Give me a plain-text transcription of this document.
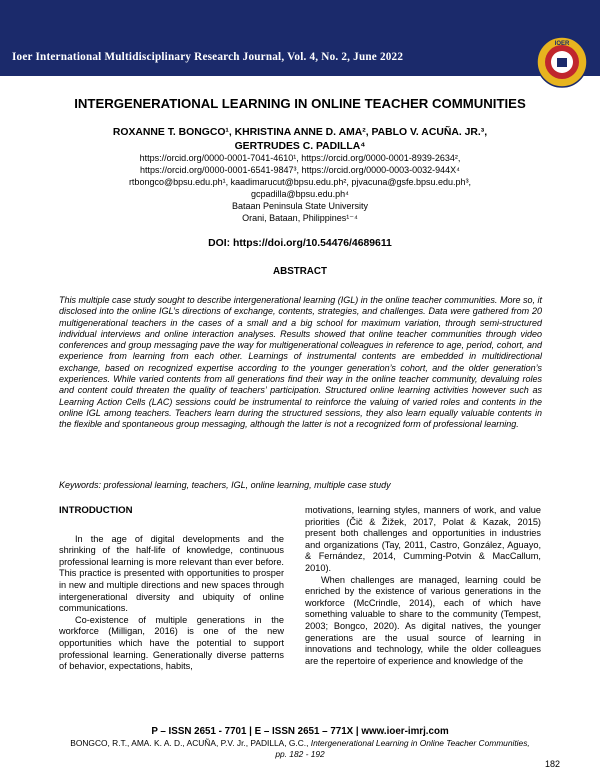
Ioer International Multidisciplinary Research Journal, Vol. 4, No. 2, June 2022
IOER
INTERGENERATIONAL LEARNING IN ONLINE TEACHER COMMUNITIES
ROXANNE T. BONGCO¹, KHRISTINA ANNE D. AMA², PABLO V. ACUÑA. JR.³,
GERTRUDES C. PADILLA⁴
https://orcid.org/0000-0001-7041-4610¹, https://orcid.org/0000-0001-8939-2634²,
https://orcid.org/0000-0001-6541-9847³, https://orcid.org/0000-0003-0032-944X⁴
rtbongco@bpsu.edu.ph¹, kaadimarucut@bpsu.edu.ph², pjvacuna@gsfe.bpsu.edu.ph³,
gcpadilla@bpsu.edu.ph⁴
Bataan Peninsula State University
Orani, Bataan, Philippines¹⁻⁴
DOI: https://doi.org/10.54476/4689611
ABSTRACT
This multiple case study sought to describe intergenerational learning (IGL) in the online teacher communities. More so, it disclosed into the online IGL’s directions of exchange, contents, strategies, and challenges. Data were gathered from 20 multigenerational teachers in the cases of a small and a big school for maximum variation, through semi-structured individual interviews and online interaction analyses. Results showed that online teacher communities through video conferences and group messaging pave the way for multigenerational colleagues in reference to age, period, cohort, and experience from learning from each other. Learnings of instrumental contents are embedded in multidirectional exchange, based on recognized expertise according to the younger generation’s cohort, and the older generation’s experiences. While varied contents from all generations find their way in the online teacher community, devaluing roles and content could threaten the quality of teachers’ participation. Structured online learning activities however such as Learning Action Cells (LAC) sessions could be instrumental to reinforce the valuing of varied roles and contents in the online IGL among teachers. Teachers learn during the structured sessions, they also learn equally valuable contents in the flexible and spontaneous group messaging, although the latter is not a recognized form of professional learning.
Keywords: professional learning, teachers, IGL, online learning, multiple case study
INTRODUCTION

In the age of digital developments and the shrinking of the half-life of knowledge, continuous professional learning is more relevant than ever before. This practice is presented with opportunities to prosper in new and multiple directions and new spaces through intergenerational diversity and ubiquity of online communications.

Co-existence of multiple generations in the workforce (Milligan, 2016) is one of the new opportunities which have the potential to support professional learning. Generationally diverse patterns of behavior, expectations, habits,

motivations, learning styles, manners of work, and value priorities (Čič & Žižek, 2017, Polat & Kazak, 2015) present both challenges and opportunities in industries and organizations (Tay, 2011, Castro, González, Aguayo, & Fernández, 2014, Cumming-Potvin & MacCallum, 2010).

When challenges are managed, learning could be enriched by the existence of various generations in the workforce (McCrindle, 2014), each of which have something valuable to share to the community (Tempest, 2003; Bongco, 2020). As digital natives, the younger generations are the usual source of learning in innovations and technology, while the older colleagues are the repertoire of experience and knowledge of the

P – ISSN 2651 - 7701 | E – ISSN 2651 – 771X | www.ioer-imrj.com
BONGCO, R.T., AMA. K. A. D., ACUÑA, P.V. Jr., PADILLA, G.C., Intergenerational Learning in Online Teacher Communities, pp. 182 - 192
182
